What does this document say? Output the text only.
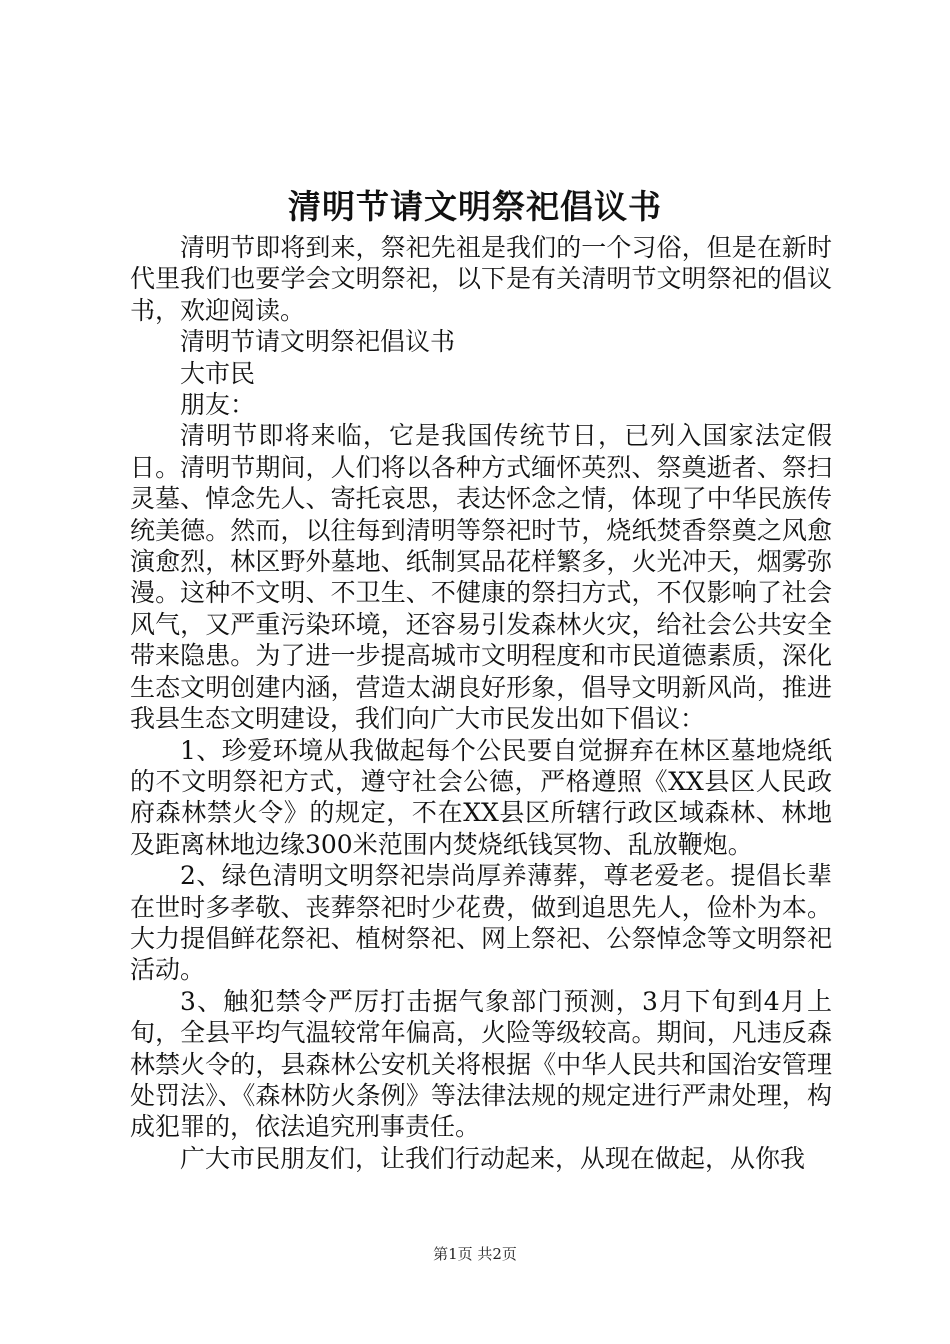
清明节请文明祭祀倡议书

清明节即将到来，祭祀先祖是我们的一个习俗，但是在新时代里我们也要学会文明祭祀，以下是有关清明节文明祭祀的倡议书，欢迎阅读。

清明节请文明祭祀倡议书

大市民

朋友：

清明节即将来临，它是我国传统节日，已列入国家法定假日。清明节期间，人们将以各种方式缅怀英烈、祭奠逝者、祭扫灵墓、悼念先人、寄托哀思，表达怀念之情，体现了中华民族传统美德。然而，以往每到清明等祭祀时节，烧纸焚香祭奠之风愈演愈烈，林区野外墓地、纸制冥品花样繁多，火光冲天，烟雾弥漫。这种不文明、不卫生、不健康的祭扫方式，不仅影响了社会风气，又严重污染环境，还容易引发森林火灾，给社会公共安全带来隐患。为了进一步提高城市文明程度和市民道德素质，深化生态文明创建内涵，营造太湖良好形象，倡导文明新风尚，推进我县生态文明建设，我们向广大市民发出如下倡议：

1、珍爱环境从我做起每个公民要自觉摒弃在林区墓地烧纸的不文明祭祀方式，遵守社会公德，严格遵照《XX县区人民政府森林禁火令》的规定，不在XX县区所辖行政区域森林、林地及距离林地边缘300米范围内焚烧纸钱冥物、乱放鞭炮。

2、绿色清明文明祭祀崇尚厚养薄葬，尊老爱老。提倡长辈在世时多孝敬、丧葬祭祀时少花费，做到追思先人，俭朴为本。大力提倡鲜花祭祀、植树祭祀、网上祭祀、公祭悼念等文明祭祀活动。

3、触犯禁令严厉打击据气象部门预测，3月下旬到4月上旬，全县平均气温较常年偏高，火险等级较高。期间，凡违反森林禁火令的，县森林公安机关将根据《中华人民共和国治安管理处罚法》、《森林防火条例》等法律法规的规定进行严肃处理，构成犯罪的，依法追究刑事责任。

广大市民朋友们，让我们行动起来，从现在做起，从你我

第1页 共2页
